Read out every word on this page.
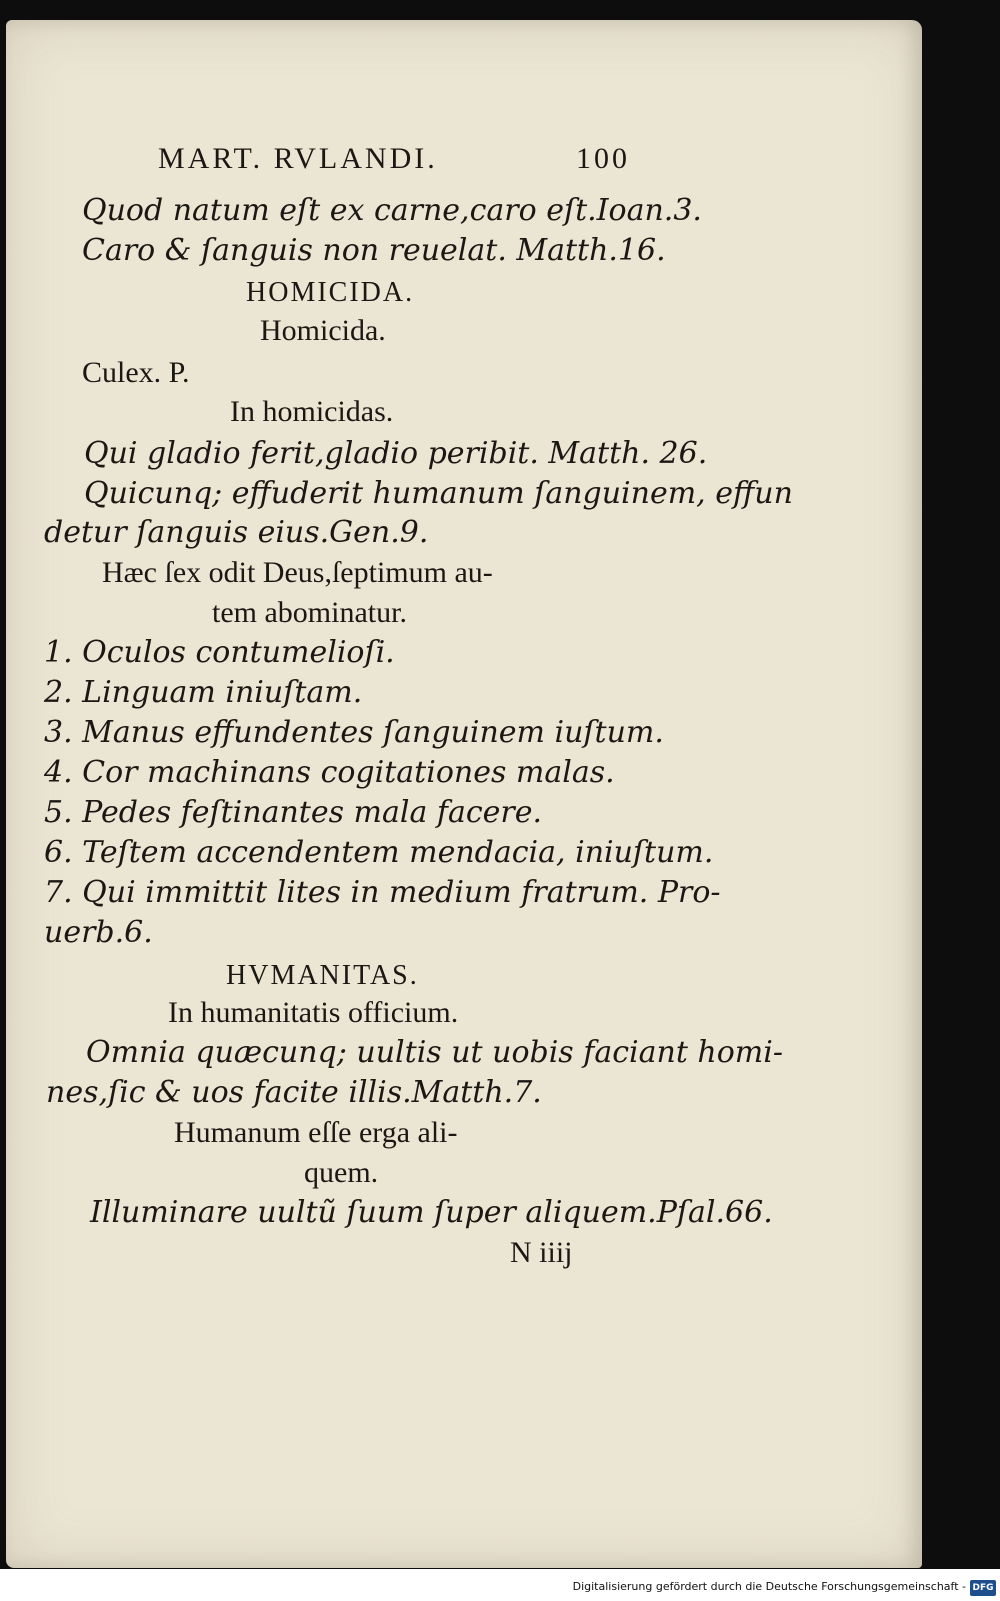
MART. RVLANDI.	100
Quod natum eſt ex carne,caro eſt.Ioan.3.
Caro & ſanguis non reuelat. Matth.16.
HOMICIDA.
Homicida.
Culex. P.
In homicidas.
Qui gladio ferit,gladio peribit. Matth. 26.
Quicunq; effuderit humanum ſanguinem, effun
detur ſanguis eius.Gen.9.
Hæc ſex odit Deus,ſeptimum au-
tem abominatur.
1. Oculos contumelioſi.
2. Linguam iniuſtam.
3. Manus effundentes ſanguinem iuſtum.
4. Cor machinans cogitationes malas.
5. Pedes feſtinantes mala facere.
6. Teſtem accendentem mendacia, iniuſtum.
7. Qui immittit lites in medium fratrum. Pro-
uerb.6.
HVMANITAS.
In humanitatis officium.
Omnia quæcunq; uultis ut uobis faciant homi-
nes,ſic & uos facite illis.Matth.7.
Humanum eſſe erga ali-
quem.
Illuminare uultũ ſuum ſuper aliquem.Pſal.66.
N iiij
Digitalisierung gefördert durch die Deutsche Forschungsgemeinschaft - DFG
